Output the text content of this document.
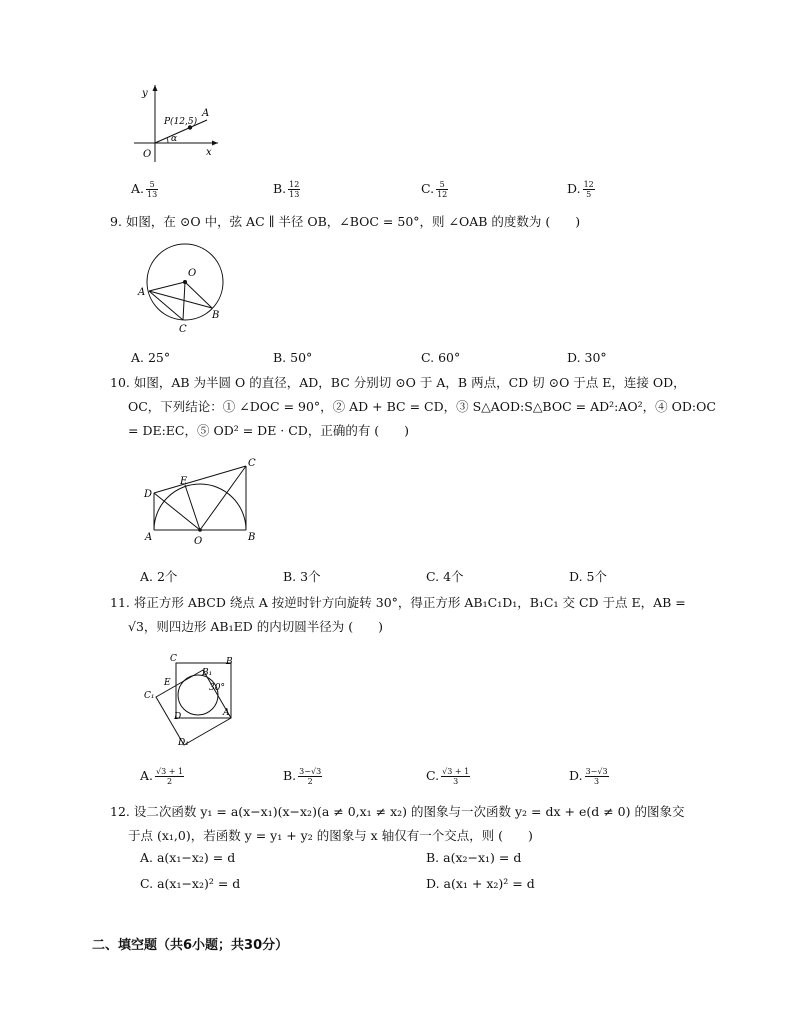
y
x
O
P(12,5)
A
α
A. $\frac{5}{13}$	B. $\frac{12}{13}$	C. $\frac{5}{12}$	D. $\frac{12}{5}$
9. 如图，在 ⊙O 中，弦 AC ∥ 半径 OB，∠BOC = 50°，则 ∠OAB 的度数为 (　　)
O
A
B
C
A. 25°	B. 50°	C. 60°	D. 30°
10. 如图，AB 为半圆 O 的直径，AD，BC 分别切 ⊙O 于 A，B 两点，CD 切 ⊙O 于点 E，连接 OD，
OC，下列结论：① ∠DOC = 90°，② AD + BC = CD，③ S△AOD:S△BOC = AD²:AO²，④ OD:OC
= DE:EC，⑤ OD² = DE · CD，正确的有 (　　)
C
D
E
A	O	B
A. 2个	B. 3个	C. 4个	D. 5个
11. 将正方形 ABCD 绕点 A 按逆时针方向旋转 30°，得正方形 AB₁C₁D₁，B₁C₁ 交 CD 于点 E，AB =
√3，则四边形 AB₁ED 的内切圆半径为 (　　)
C	B
B₁
C₁
E	30°
D	A
D₁
A. $\frac{√3 + 1}{2}$	B. $\frac{3-√3}{2}$	C. $\frac{√3 + 1}{3}$	D. $\frac{3-√3}{3}$
12. 设二次函数 y₁ = a(x−x₁)(x−x₂)(a ≠ 0,x₁ ≠ x₂) 的图象与一次函数 y₂ = dx + e(d ≠ 0) 的图象交
于点 (x₁,0)，若函数 y = y₁ + y₂ 的图象与 x 轴仅有一个交点，则 (　　)
A. a(x₁−x₂) = d	B. a(x₂−x₁) = d
C. a(x₁−x₂)² = d	D. a(x₁ + x₂)² = d
二、填空题（共6小题；共30分）
